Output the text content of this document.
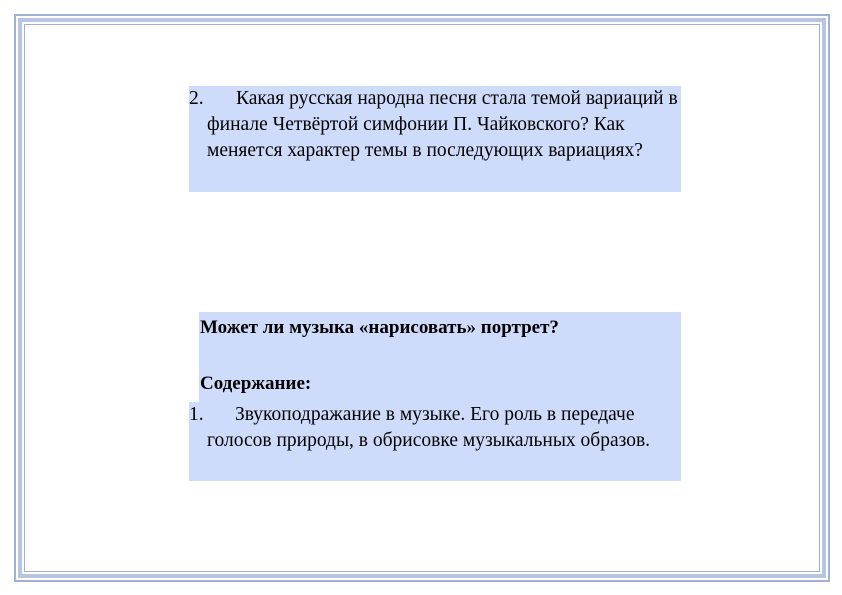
2.	Какая русская народна песня стала темой вариаций в финале Четвёртой симфонии П. Чайковского? Как меняется характер темы в последующих вариациях?
Может ли музыка «нарисовать» портрет?
Содержание:
1.	Звукоподражание в музыке. Его роль в передаче голосов природы, в обрисовке музыкальных образов.
